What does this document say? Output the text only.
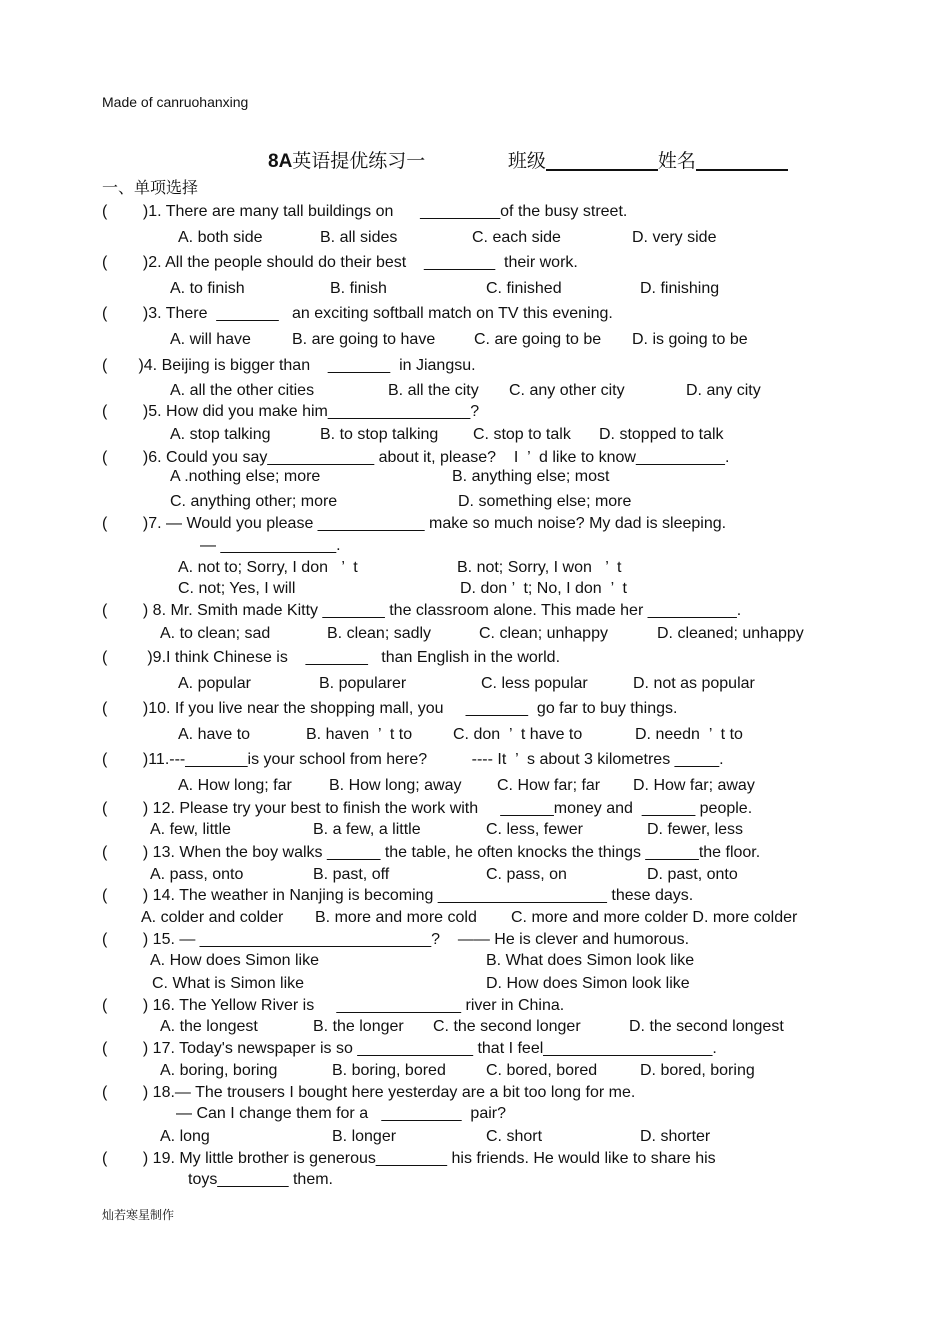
Made of canruohanxing
8A英语提优练习一	班级	姓名
一、单项选择
(        )1. There are many tall buildings on      _________of the busy street.
A. both side	B. all sides	C. each side	D. very side
(        )2. All the people should do their best    ________  their work.
A. to finish	B. finish	C. finished	D. finishing
(        )3. There  _______   an exciting softball match on TV this evening.
A. will have	B. are going to have C. are going to be D. is going to be
(       )4. Beijing is bigger than    _______  in Jiangsu.
A. all the other cities	B. all the city C. any other city	D. any city
(        )5. How did you make him________________?
A. stop talking	B. to stop talking C. stop to talk D. stopped to talk
(        )6. Could you say____________ about it, please?    I  ’  d like to know__________.
A .nothing else; more	B. anything else; most
C. anything other; more	D. something else; more
(        )7. — Would you please ____________ make so much noise? My dad is sleeping.
— _____________.
A. not to; Sorry, I don   ’  t	B. not; Sorry, I won   ’  t
C. not; Yes, I will	D. don ’  t; No, I don  ’  t
(        ) 8. Mr. Smith made Kitty _______ the classroom alone. This made her __________.
A. to clean; sad	B. clean; sadly	C. clean; unhappy	D. cleaned; unhappy
(         )9.I think Chinese is    _______   than English in the world.
A. popular	B. popularer	C. less popular	D. not as popular
(        )10. If you live near the shopping mall, you     _______  go far to buy things.
A. have to	B. haven  ’  t to	C. don  ’  t have to	D. needn  ’  t to
(        )11.---_______is your school from here?          ---- It  ’  s about 3 kilometres _____.
A. How long; far B. How long; away C. How far; far D. How far; away
(        ) 12. Please try your best to finish the work with     ______money and  ______ people.
A. few, little	B. a few, a little	C. less, fewer	D. fewer, less
(        ) 13. When the boy walks ______ the table, he often knocks the things ______the floor.
A. pass, onto	B. past, off	C. pass, on	D. past, onto
(        ) 14. The weather in Nanjing is becoming ___________________ these days.
A. colder and colder B. more and more cold C. more and more colder D. more colder
(        ) 15. — __________________________?    —— He is clever and humorous.
A. How does Simon like	B. What does Simon look like
C. What is Simon like	D. How does Simon look like
(        ) 16. The Yellow River is     ______________ river in China.
A. the longest	B. the longer C. the second longer	D. the second longest
(        ) 17. Today's newspaper is so _____________ that I feel___________________.
A. boring, boring	B. boring, bored	C. bored, bored	D. bored, boring
(        ) 18.— The trousers I bought here yesterday are a bit too long for me.
— Can I change them for a   _________  pair?
A. long	B. longer	C. short	D. shorter
(        ) 19. My little brother is generous________ his friends. He would like to share his
toys________ them.
灿若寒星制作
